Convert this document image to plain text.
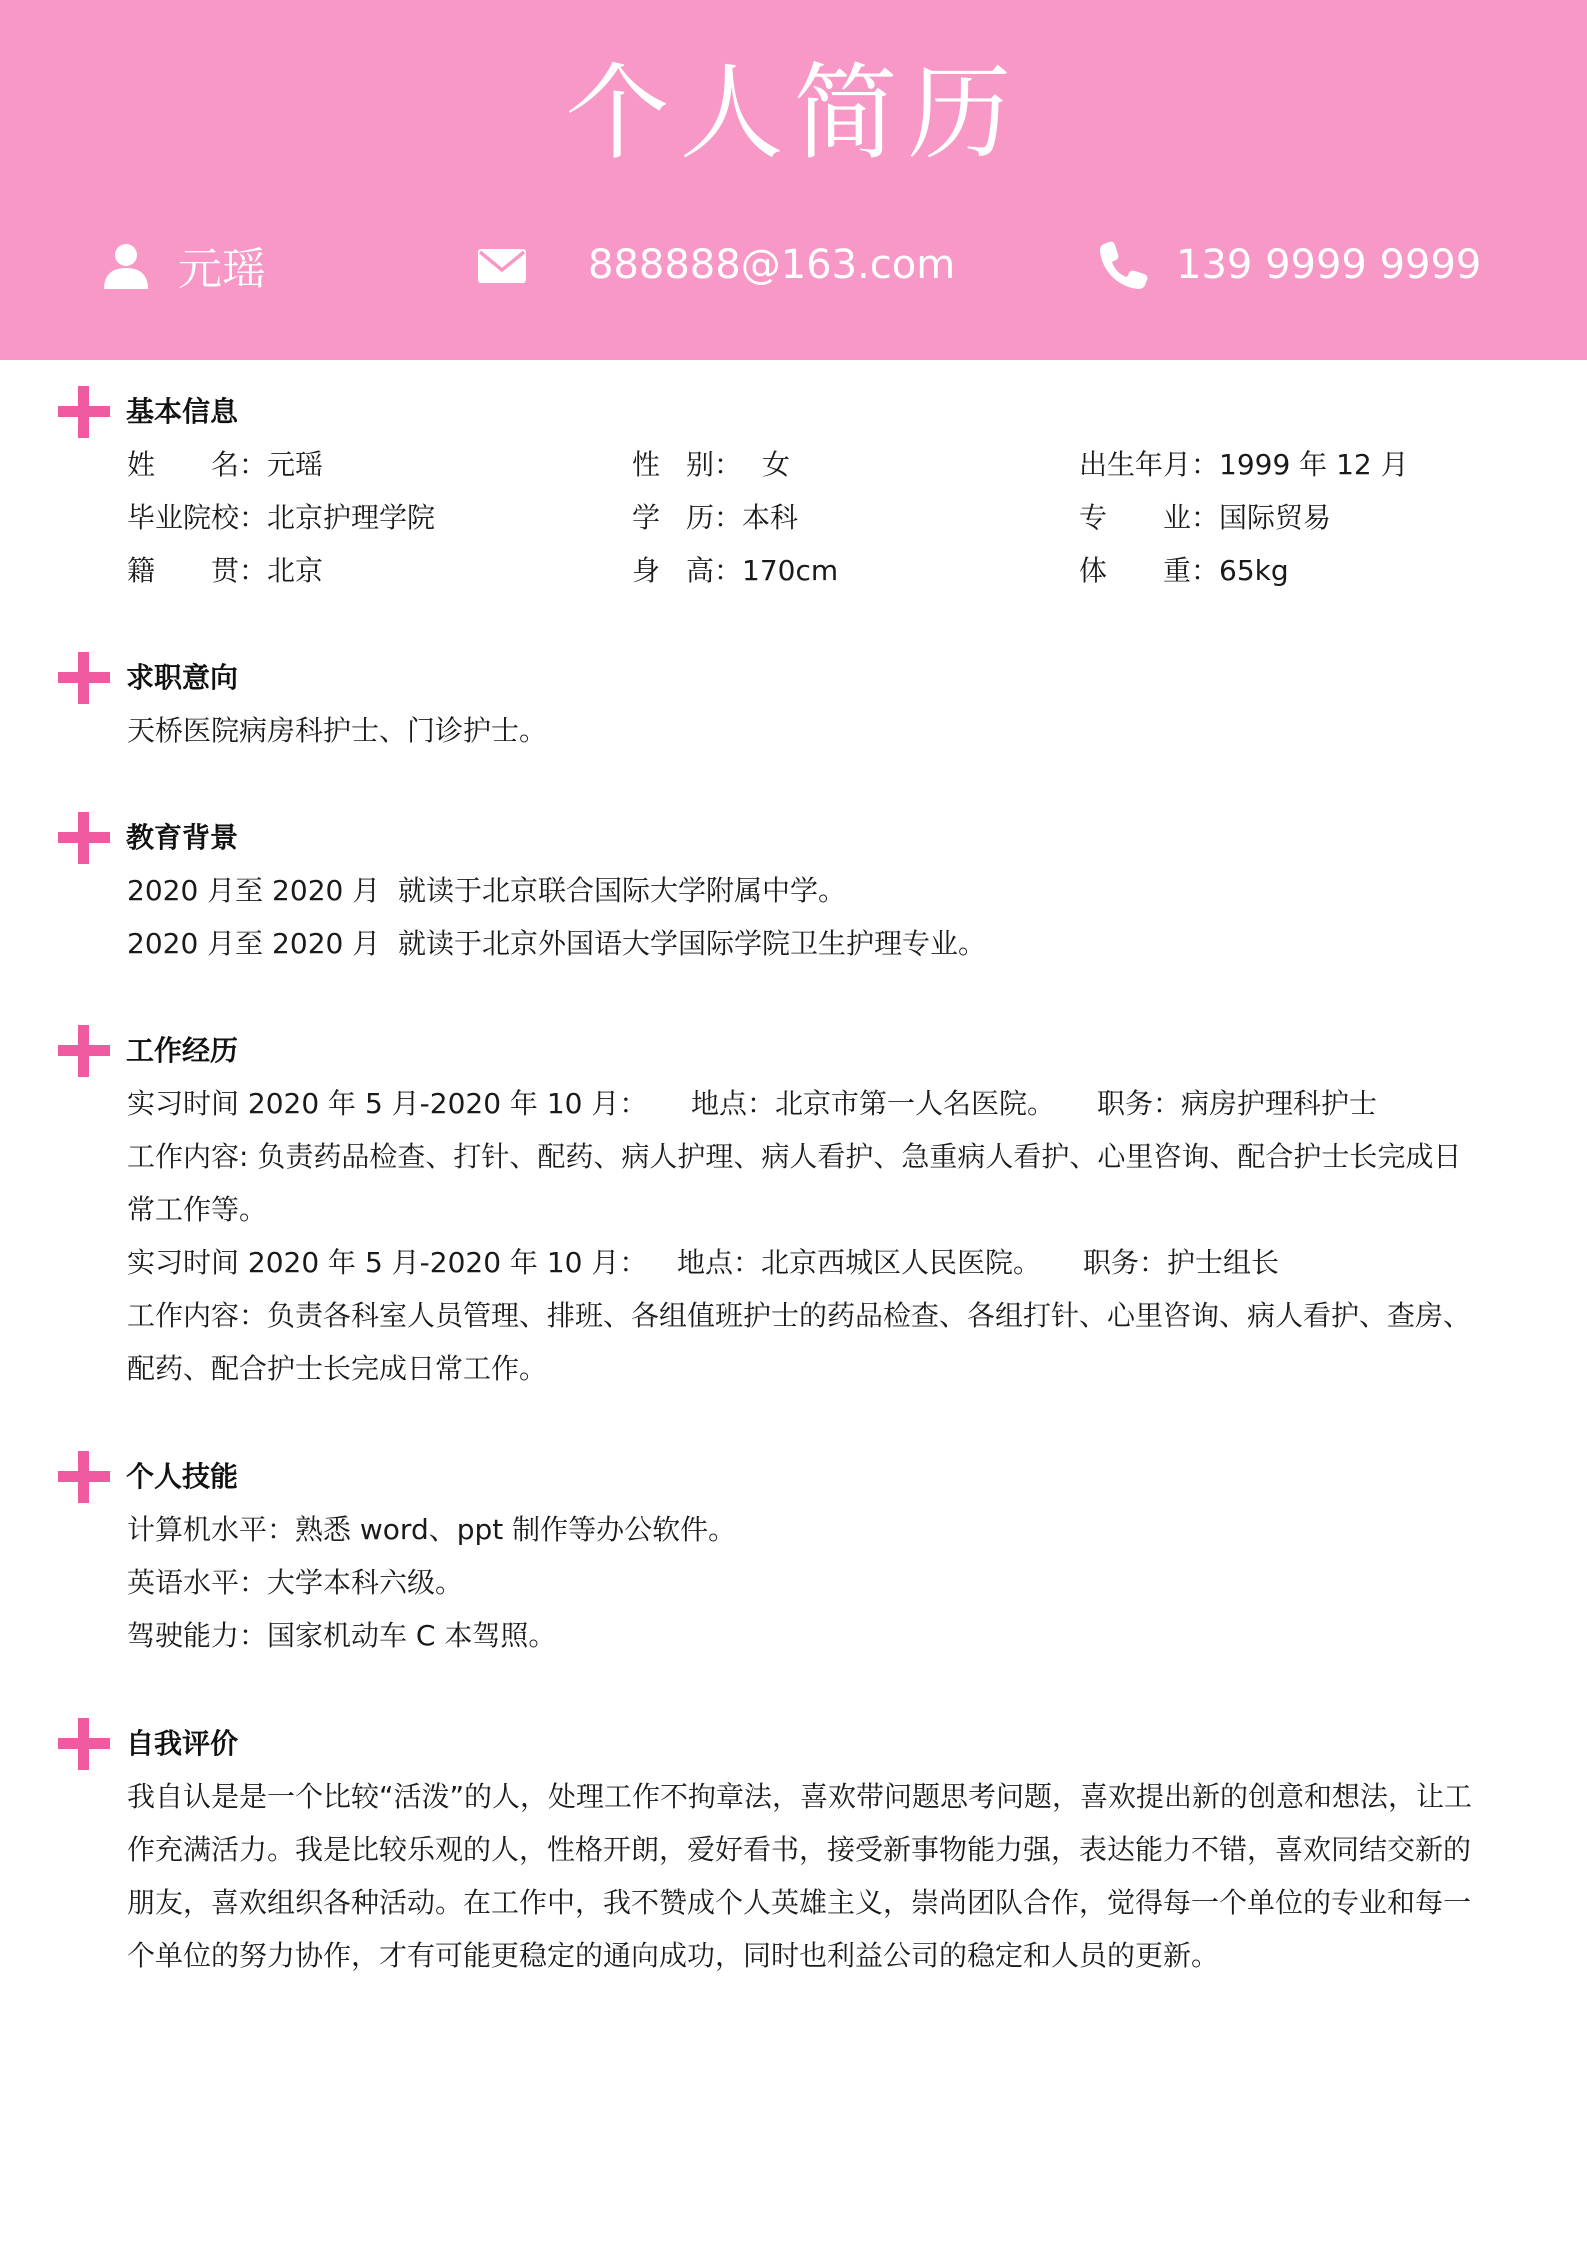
个人简历
元瑶	888888@163.com	139 9999 9999
基本信息
姓 名： 元瑶	性 别： 女	出生年月：1999 年 12 月
毕业院校：北京护理学院	学 历： 本科	专 业： 国际贸易
籍 贯： 北京	身 高： 170cm	体 重： 65kg
求职意向
天桥医院病房科护士、门诊护士。
教育背景
2020 月至 2020 月  就读于北京联合国际大学附属中学。
2020 月至 2020 月  就读于北京外国语大学国际学院卫生护理专业。
工作经历
实习时间 2020 年 5 月-2020 年 10 月： 地点：北京市第一人名医院。 职务：病房护理科护士
工作内容: 负责药品检查、打针、配药、病人护理、病人看护、急重病人看护、心里咨询、配合护士长完成日常工作等。
实习时间 2020 年 5 月-2020 年 10 月： 地点：北京西城区人民医院。 职务：护士组长
工作内容：负责各科室人员管理、排班、各组值班护士的药品检查、各组打针、心里咨询、病人看护、查房、配药、配合护士长完成日常工作。
个人技能
计算机水平：熟悉 word、ppt 制作等办公软件。
英语水平：大学本科六级。
驾驶能力：国家机动车 C 本驾照。
自我评价
我自认是是一个比较“活泼”的人，处理工作不拘章法，喜欢带问题思考问题，喜欢提出新的创意和想法，让工作充满活力。我是比较乐观的人，性格开朗，爱好看书，接受新事物能力强，表达能力不错，喜欢同结交新的朋友，喜欢组织各种活动。在工作中，我不赞成个人英雄主义，崇尚团队合作，觉得每一个单位的专业和每一个单位的努力协作，才有可能更稳定的通向成功，同时也利益公司的稳定和人员的更新。
